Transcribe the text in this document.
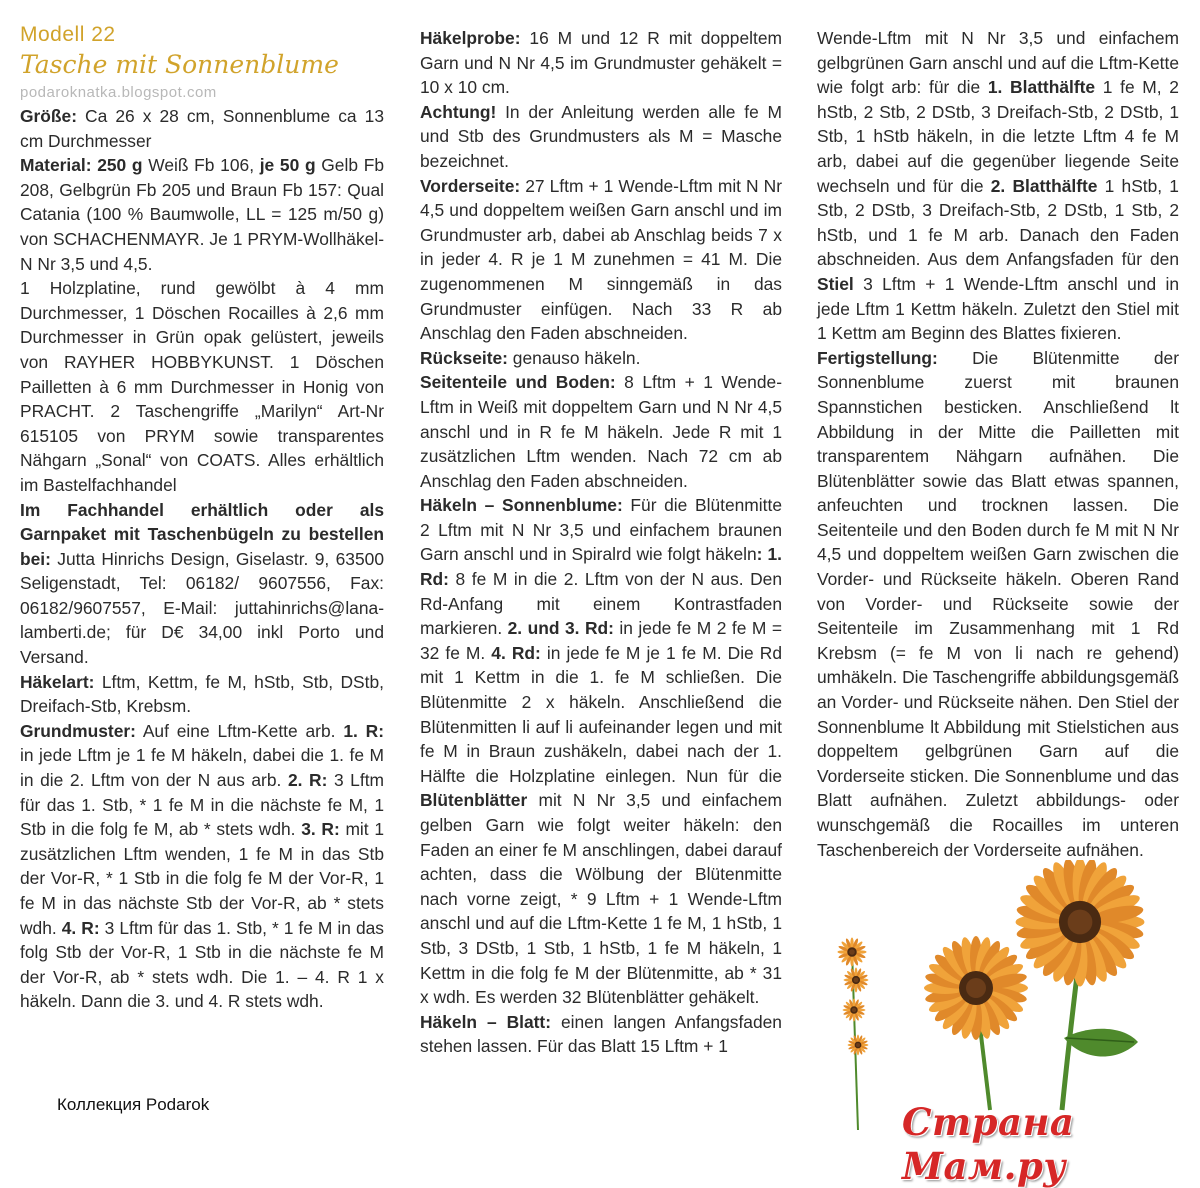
Modell 22

Tasche mit Sonnenblume

podaroknatka.blogspot.com

Größe: Ca 26 x 28 cm, Sonnenblume ca 13 cm Durchmesser

Material: 250 g Weiß Fb 106, je 50 g Gelb Fb 208, Gelbgrün Fb 205 und Braun Fb 157: Qual Catania (100 % Baumwolle, LL = 125 m/50 g) von SCHACHENMAYR. Je 1 PRYM-Wollhäkel-N Nr 3,5 und 4,5.

1 Holzplatine, rund gewölbt à 4 mm Durchmesser, 1 Döschen Rocailles à 2,6 mm Durchmesser in Grün opak gelüstert, jeweils von RAYHER HOBBYKUNST. 1 Döschen Pailletten à 6 mm Durchmesser in Honig von PRACHT. 2 Taschengriffe „Marilyn“ Art-Nr 615105 von PRYM sowie transparentes Nähgarn „Sonal“ von COATS. Alles erhältlich im Bastelfachhandel

Im Fachhandel erhältlich oder als Garnpaket mit Taschenbügeln zu bestellen bei: Jutta Hinrichs Design, Giselastr. 9, 63500 Seligenstadt, Tel: 06182/ 9607556, Fax: 06182/9607557, E-Mail: juttahinrichs@lana-lamberti.de; für D€ 34,00 inkl Porto und Versand.

Häkelart: Lftm, Kettm, fe M, hStb, Stb, DStb, Dreifach-Stb, Krebsm.

Grundmuster: Auf eine Lftm-Kette arb. 1. R: in jede Lftm je 1 fe M häkeln, dabei die 1. fe M in die 2. Lftm von der N aus arb. 2. R: 3 Lftm für das 1. Stb, * 1 fe M in die nächste fe M, 1 Stb in die folg fe M, ab * stets wdh. 3. R: mit 1 zusätzlichen Lftm wenden, 1 fe M in das Stb der Vor-R, * 1 Stb in die folg fe M der Vor-R, 1 fe M in das nächste Stb der Vor-R, ab * stets wdh. 4. R: 3 Lftm für das 1. Stb, * 1 fe M in das folg Stb der Vor-R, 1 Stb in die nächste fe M der Vor-R, ab * stets wdh. Die 1. – 4. R 1 x häkeln. Dann die 3. und 4. R stets wdh.

Häkelprobe: 16 M und 12 R mit doppeltem Garn und N Nr 4,5 im Grundmuster gehäkelt = 10 x 10 cm.

Achtung! In der Anleitung werden alle fe M und Stb des Grundmusters als M = Masche bezeichnet.

Vorderseite: 27 Lftm + 1 Wende-Lftm mit N Nr 4,5 und doppeltem weißen Garn anschl und im Grundmuster arb, dabei ab Anschlag beids 7 x in jeder 4. R je 1 M zunehmen = 41 M. Die zugenommenen M sinngemäß in das Grundmuster einfügen. Nach 33 R ab Anschlag den Faden abschneiden.

Rückseite: genauso häkeln.

Seitenteile und Boden: 8 Lftm + 1 Wende-Lftm in Weiß mit doppeltem Garn und N Nr 4,5 anschl und in R fe M häkeln. Jede R mit 1 zusätzlichen Lftm wenden. Nach 72 cm ab Anschlag den Faden abschneiden.

Häkeln – Sonnenblume: Für die Blütenmitte 2 Lftm mit N Nr 3,5 und einfachem braunen Garn anschl und in Spiralrd wie folgt häkeln: 1. Rd: 8 fe M in die 2. Lftm von der N aus. Den Rd-Anfang mit einem Kontrastfaden markieren. 2. und 3. Rd: in jede fe M 2 fe M = 32 fe M. 4. Rd: in jede fe M je 1 fe M. Die Rd mit 1 Kettm in die 1. fe M schließen. Die Blütenmitte 2 x häkeln. Anschließend die Blütenmitten li auf li aufeinander legen und mit fe M in Braun zushäkeln, dabei nach der 1. Hälfte die Holzplatine einlegen. Nun für die Blütenblätter mit N Nr 3,5 und einfachem gelben Garn wie folgt weiter häkeln: den Faden an einer fe M anschlingen, dabei darauf achten, dass die Wölbung der Blütenmitte nach vorne zeigt, * 9 Lftm + 1 Wende-Lftm anschl und auf die Lftm-Kette 1 fe M, 1 hStb, 1 Stb, 3 DStb, 1 Stb, 1 hStb, 1 fe M häkeln, 1 Kettm in die folg fe M der Blütenmitte, ab * 31 x wdh. Es werden 32 Blütenblätter gehäkelt.

Häkeln – Blatt: einen langen Anfangsfaden stehen lassen. Für das Blatt 15 Lftm + 1

Wende-Lftm mit N Nr 3,5 und einfachem gelbgrünen Garn anschl und auf die Lftm-Kette wie folgt arb: für die 1. Blatthälfte 1 fe M, 2 hStb, 2 Stb, 2 DStb, 3 Dreifach-Stb, 2 DStb, 1 Stb, 1 hStb häkeln, in die letzte Lftm 4 fe M arb, dabei auf die gegenüber liegende Seite wechseln und für die 2. Blatthälfte 1 hStb, 1 Stb, 2 DStb, 3 Dreifach-Stb, 2 DStb, 1 Stb, 2 hStb, und 1 fe M arb. Danach den Faden abschneiden. Aus dem Anfangsfaden für den Stiel 3 Lftm + 1 Wende-Lftm anschl und in jede Lftm 1 Kettm häkeln. Zuletzt den Stiel mit 1 Kettm am Beginn des Blattes fixieren.

Fertigstellung: Die Blütenmitte der Sonnenblume zuerst mit braunen Spannstichen besticken. Anschließend lt Abbildung in der Mitte die Pailletten mit transparentem Nähgarn aufnähen. Die Blütenblätter sowie das Blatt etwas spannen, anfeuchten und trocknen lassen. Die Seitenteile und den Boden durch fe M mit N Nr 4,5 und doppeltem weißen Garn zwischen die Vorder- und Rückseite häkeln. Oberen Rand von Vorder- und Rückseite sowie der Seitenteile im Zusammenhang mit 1 Rd Krebsm (= fe M von li nach re gehend) umhäkeln. Die Taschengriffe abbildungsgemäß an Vorder- und Rückseite nähen. Den Stiel der Sonnenblume lt Abbildung mit Stielstichen aus doppeltem gelbgrünen Garn auf die Vorderseite sticken. Die Sonnenblume und das Blatt aufnähen. Zuletzt abbildungs- oder wunschgemäß die Rocailles im unteren Taschenbereich der Vorderseite aufnähen.

Коллекция Podarok	Страна Мам.ру
